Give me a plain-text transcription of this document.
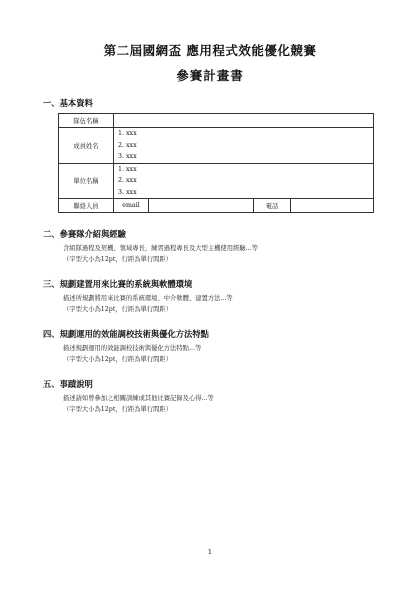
第二屆國網盃 應用程式效能優化競賽
參賽計畫書
一、基本資料
隊伍名稱				
成員姓名	1. xxx
2. xxx
3. xxx			

單位名稱	1. xxx
2. xxx
3. xxx			

聯絡人員	email		電話	
二、參賽隊介紹與經驗
含組隊過程及契機、領域專長、練習過程專長及大型主機使用經驗...等
（字型大小為12pt，行距為單行間距）
三、規劃建置用來比賽的系統與軟體環境
描述所規劃將用來比賽的系統環境、中介軟體、建置方法...等
（字型大小為12pt，行距為單行間距）
四、規劃運用的效能調校技術與優化方法特點
描述規劃運用的效能調校技術與優化方法特點...等
（字型大小為12pt，行距為單行間距）
五、事蹟說明
描述請如曾參加之相關訓練或其他比賽記錄及心得...等
（字型大小為12pt，行距為單行間距）
1
